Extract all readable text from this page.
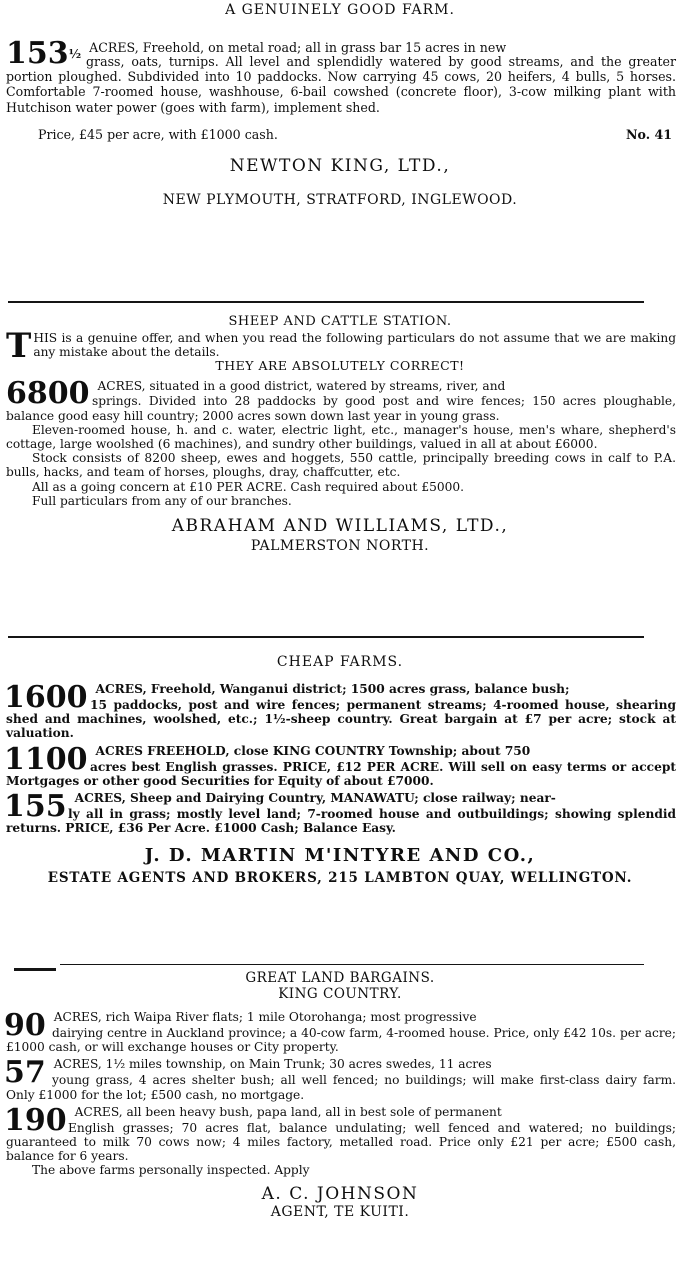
A GENUINELY GOOD FARM.
$153^{\frac{1}{2}}$ ACRES, Freehold, on metal road; all in grass bar 15 acres in new

grass, oats, turnips. All level and splendidly watered by good streams, and the greater portion ploughed. Subdivided into 10 paddocks. Now carrying 45 cows, 20 heifers, 4 bulls, 5 horses. Comfortable 7-roomed house, washhouse, 6-bail cowshed (concrete floor), 3-cow milking plant with Hutchison water power (goes with farm), implement shed.

Price, £45 per acre, with £1000 cash.	No. 41
NEWTON KING, LTD.,
NEW PLYMOUTH, STRATFORD, INGLEWOOD.
SHEEP AND CATTLE STATION.

THIS is a genuine offer, and when you read the following particulars do not assume that we are making any mistake about the details.

THEY ARE ABSOLUTELY CORRECT!
6800 ACRES, situated in a good district, watered by streams, river, and

springs. Divided into 28 paddocks by good post and wire fences; 150 acres ploughable, balance good easy hill country; 2000 acres sown down last year in young grass.

Eleven-roomed house, h. and c. water, electric light, etc., manager's house, men's whare, shepherd's cottage, large woolshed (6 machines), and sundry other buildings, valued in all at about £6000.

Stock consists of 8200 sheep, ewes and hoggets, 550 cattle, principally breeding cows in calf to P.A. bulls, hacks, and team of horses, ploughs, dray, chaffcutter, etc.

All as a going concern at £10 PER ACRE. Cash required about £5000.

Full particulars from any of our branches.

ABRAHAM AND WILLIAMS, LTD.,
PALMERSTON NORTH.
CHEAP FARMS.
1600 ACRES, Freehold, Wanganui district; 1500 acres grass, balance bush;

15 paddocks, post and wire fences; permanent streams; 4-roomed house, shearing shed and machines, woolshed, etc.; 1½-sheep country. Great bargain at £7 per acre; stock at valuation.

1100 ACRES FREEHOLD, close KING COUNTRY Township; about 750

acres best English grasses. PRICE, £12 PER ACRE. Will sell on easy terms or accept Mortgages or other good Securities for Equity of about £7000.

155 ACRES, Sheep and Dairying Country, MANAWATU; close railway; near-

ly all in grass; mostly level land; 7-roomed house and outbuildings; showing splendid returns. PRICE, £36 Per Acre. £1000 Cash; Balance Easy.

J. D. MARTIN M'INTYRE AND CO.,
ESTATE AGENTS AND BROKERS, 215 LAMBTON QUAY, WELLINGTON.
GREAT LAND BARGAINS.
KING COUNTRY.
90 ACRES, rich Waipa River flats; 1 mile Otorohanga; most progressive

dairying centre in Auckland province; a 40-cow farm, 4-roomed house. Price, only £42 10s. per acre; £1000 cash, or will exchange houses or City property.

57 ACRES, 1½ miles township, on Main Trunk; 30 acres swedes, 11 acres

young grass, 4 acres shelter bush; all well fenced; no buildings; will make first-class dairy farm. Only £1000 for the lot; £500 cash, no mortgage.

190 ACRES, all been heavy bush, papa land, all in best sole of permanent

English grasses; 70 acres flat, balance undulating; well fenced and watered; no buildings; guaranteed to milk 70 cows now; 4 miles factory, metalled road. Price only £21 per acre; £500 cash, balance for 6 years.

The above farms personally inspected. Apply

A. C. JOHNSON
AGENT, TE KUITI.
